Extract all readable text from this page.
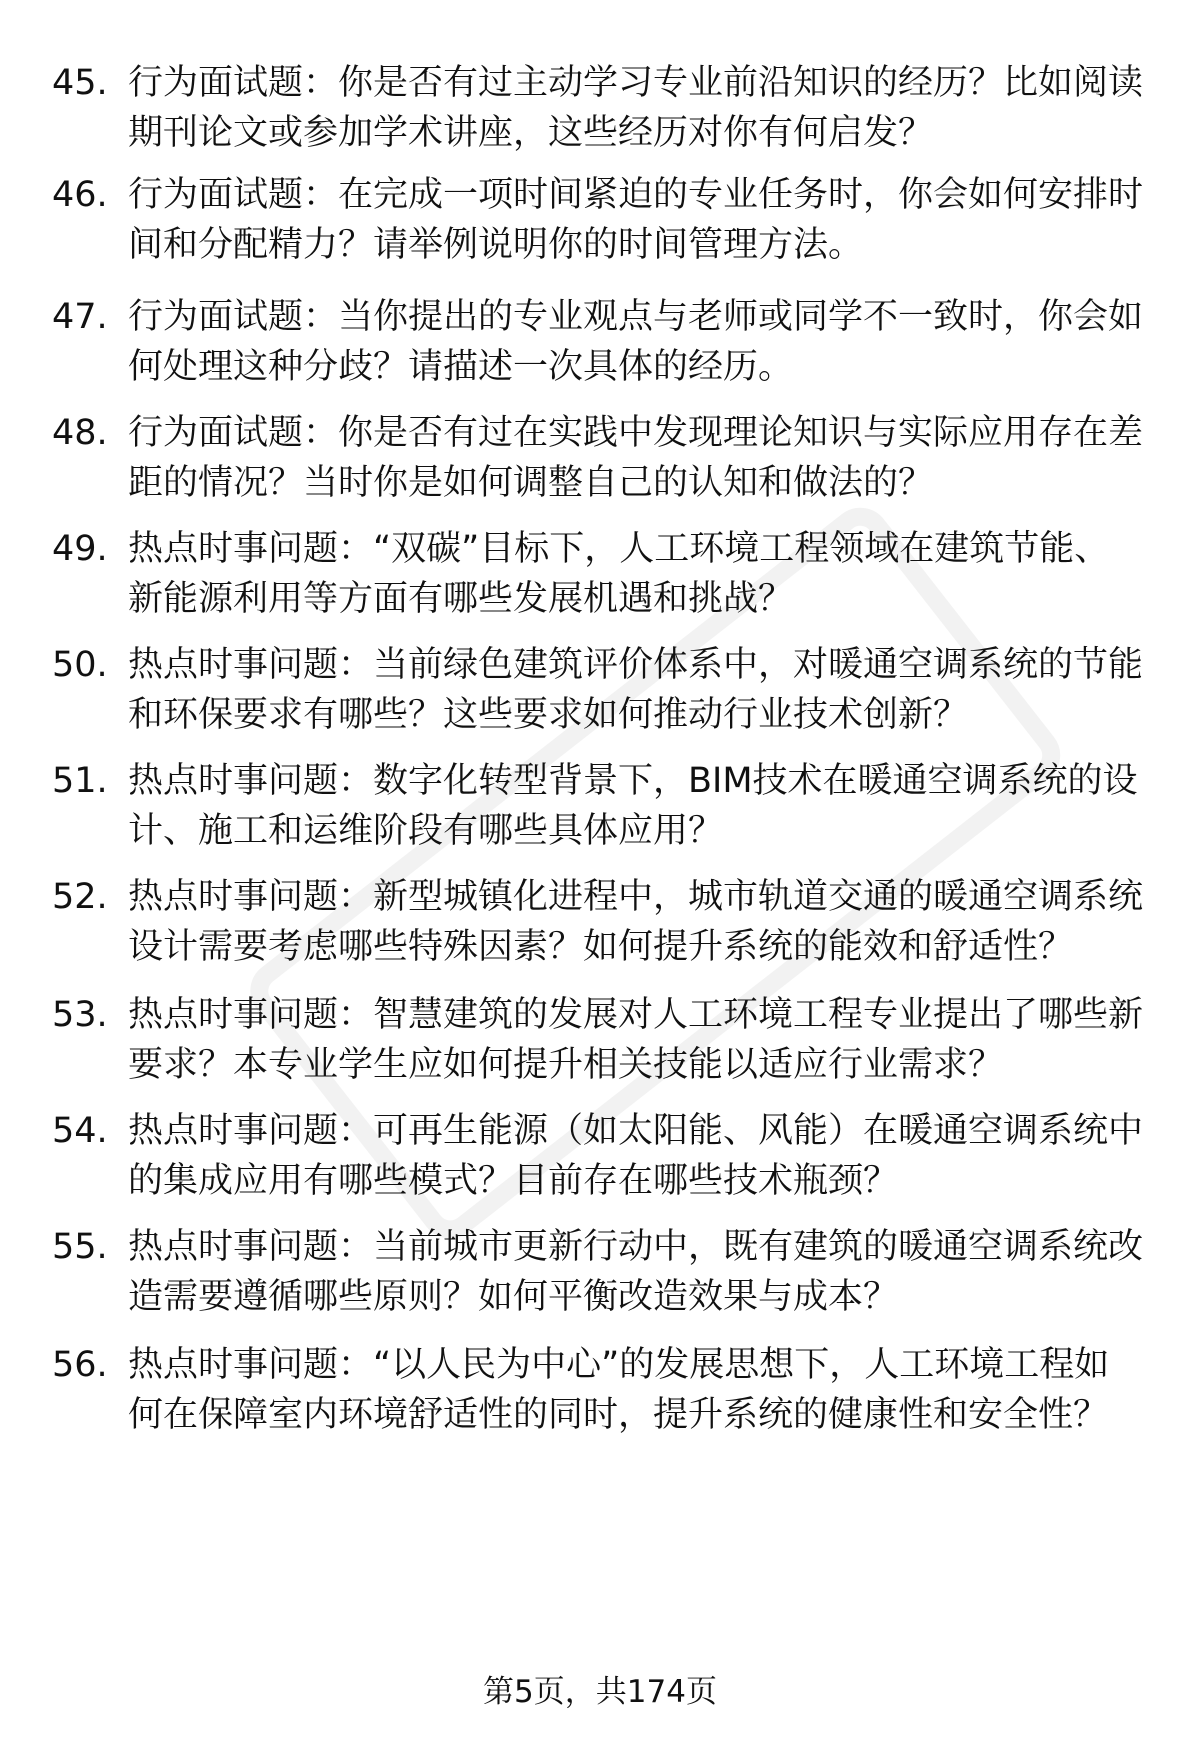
45. 行为面试题：你是否有过主动学习专业前沿知识的经历？比如阅读期刊论文或参加学术讲座，这些经历对你有何启发？
46. 行为面试题：在完成一项时间紧迫的专业任务时，你会如何安排时间和分配精力？请举例说明你的时间管理方法。
47. 行为面试题：当你提出的专业观点与老师或同学不一致时，你会如何处理这种分歧？请描述一次具体的经历。
48. 行为面试题：你是否有过在实践中发现理论知识与实际应用存在差距的情况？当时你是如何调整自己的认知和做法的？
49. 热点时事问题：“双碳”目标下，人工环境工程领域在建筑节能、新能源利用等方面有哪些发展机遇和挑战？
50. 热点时事问题：当前绿色建筑评价体系中，对暖通空调系统的节能和环保要求有哪些？这些要求如何推动行业技术创新？
51. 热点时事问题：数字化转型背景下，BIM技术在暖通空调系统的设计、施工和运维阶段有哪些具体应用？
52. 热点时事问题：新型城镇化进程中，城市轨道交通的暖通空调系统设计需要考虑哪些特殊因素？如何提升系统的能效和舒适性？
53. 热点时事问题：智慧建筑的发展对人工环境工程专业提出了哪些新要求？本专业学生应如何提升相关技能以适应行业需求？
54. 热点时事问题：可再生能源（如太阳能、风能）在暖通空调系统中的集成应用有哪些模式？目前存在哪些技术瓶颈？
55. 热点时事问题：当前城市更新行动中，既有建筑的暖通空调系统改造需要遵循哪些原则？如何平衡改造效果与成本？
56. 热点时事问题：“以人民为中心”的发展思想下，人工环境工程如何在保障室内环境舒适性的同时，提升系统的健康性和安全性？
第5页，共174页
